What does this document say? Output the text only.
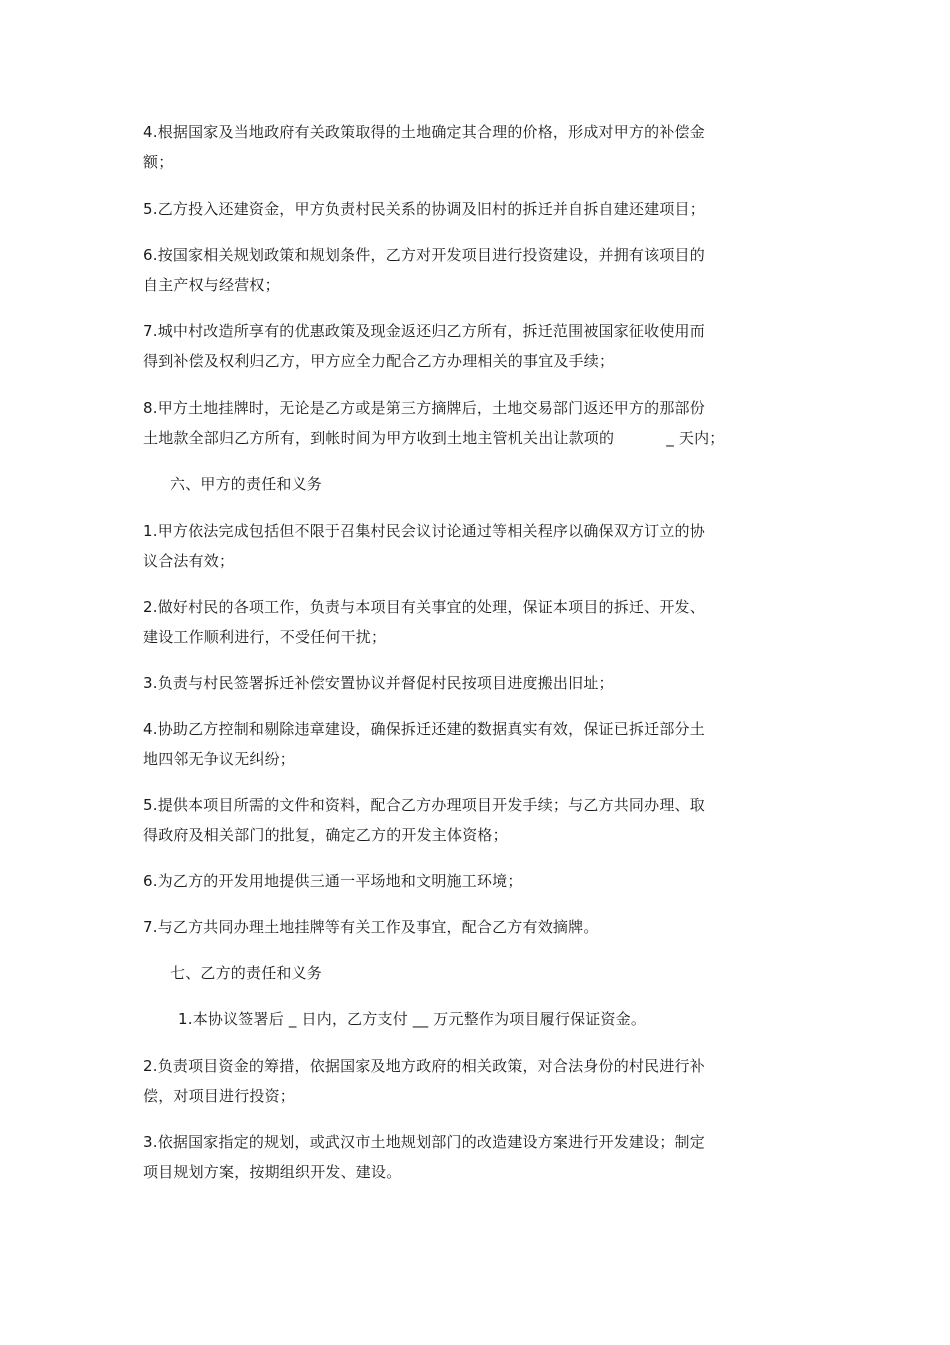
4.根据国家及当地政府有关政策取得的土地确定其合理的价格，形成对甲方的补偿金
额；
5.乙方投入还建资金，甲方负责村民关系的协调及旧村的拆迁并自拆自建还建项目；
6.按国家相关规划政策和规划条件，乙方对开发项目进行投资建设，并拥有该项目的
自主产权与经营权；
7.城中村改造所享有的优惠政策及现金返还归乙方所有，拆迁范围被国家征收使用而
得到补偿及权利归乙方，甲方应全力配合乙方办理相关的事宜及手续；
8.甲方土地挂牌时，无论是乙方或是第三方摘牌后，土地交易部门返还甲方的那部份
土地款全部归乙方所有，到帐时间为甲方收到土地主管机关出让款项的	_ 天内；
六、甲方的责任和义务
1.甲方依法完成包括但不限于召集村民会议讨论通过等相关程序以确保双方订立的协
议合法有效；
2.做好村民的各项工作，负责与本项目有关事宜的处理，保证本项目的拆迁、开发、
建设工作顺利进行，不受任何干扰；
3.负责与村民签署拆迁补偿安置协议并督促村民按项目进度搬出旧址；
4.协助乙方控制和剔除违章建设，确保拆迁还建的数据真实有效，保证已拆迁部分土
地四邻无争议无纠纷；
5.提供本项目所需的文件和资料，配合乙方办理项目开发手续；与乙方共同办理、取
得政府及相关部门的批复，确定乙方的开发主体资格；
6.为乙方的开发用地提供三通一平场地和文明施工环境；
7.与乙方共同办理土地挂牌等有关工作及事宜，配合乙方有效摘牌。
七、乙方的责任和义务
1.本协议签署后 _ 日内，乙方支付 __ 万元整作为项目履行保证资金。
2.负责项目资金的筹措，依据国家及地方政府的相关政策，对合法身份的村民进行补
偿，对项目进行投资；
3.依据国家指定的规划，或武汉市土地规划部门的改造建设方案进行开发建设；制定
项目规划方案，按期组织开发、建设。
